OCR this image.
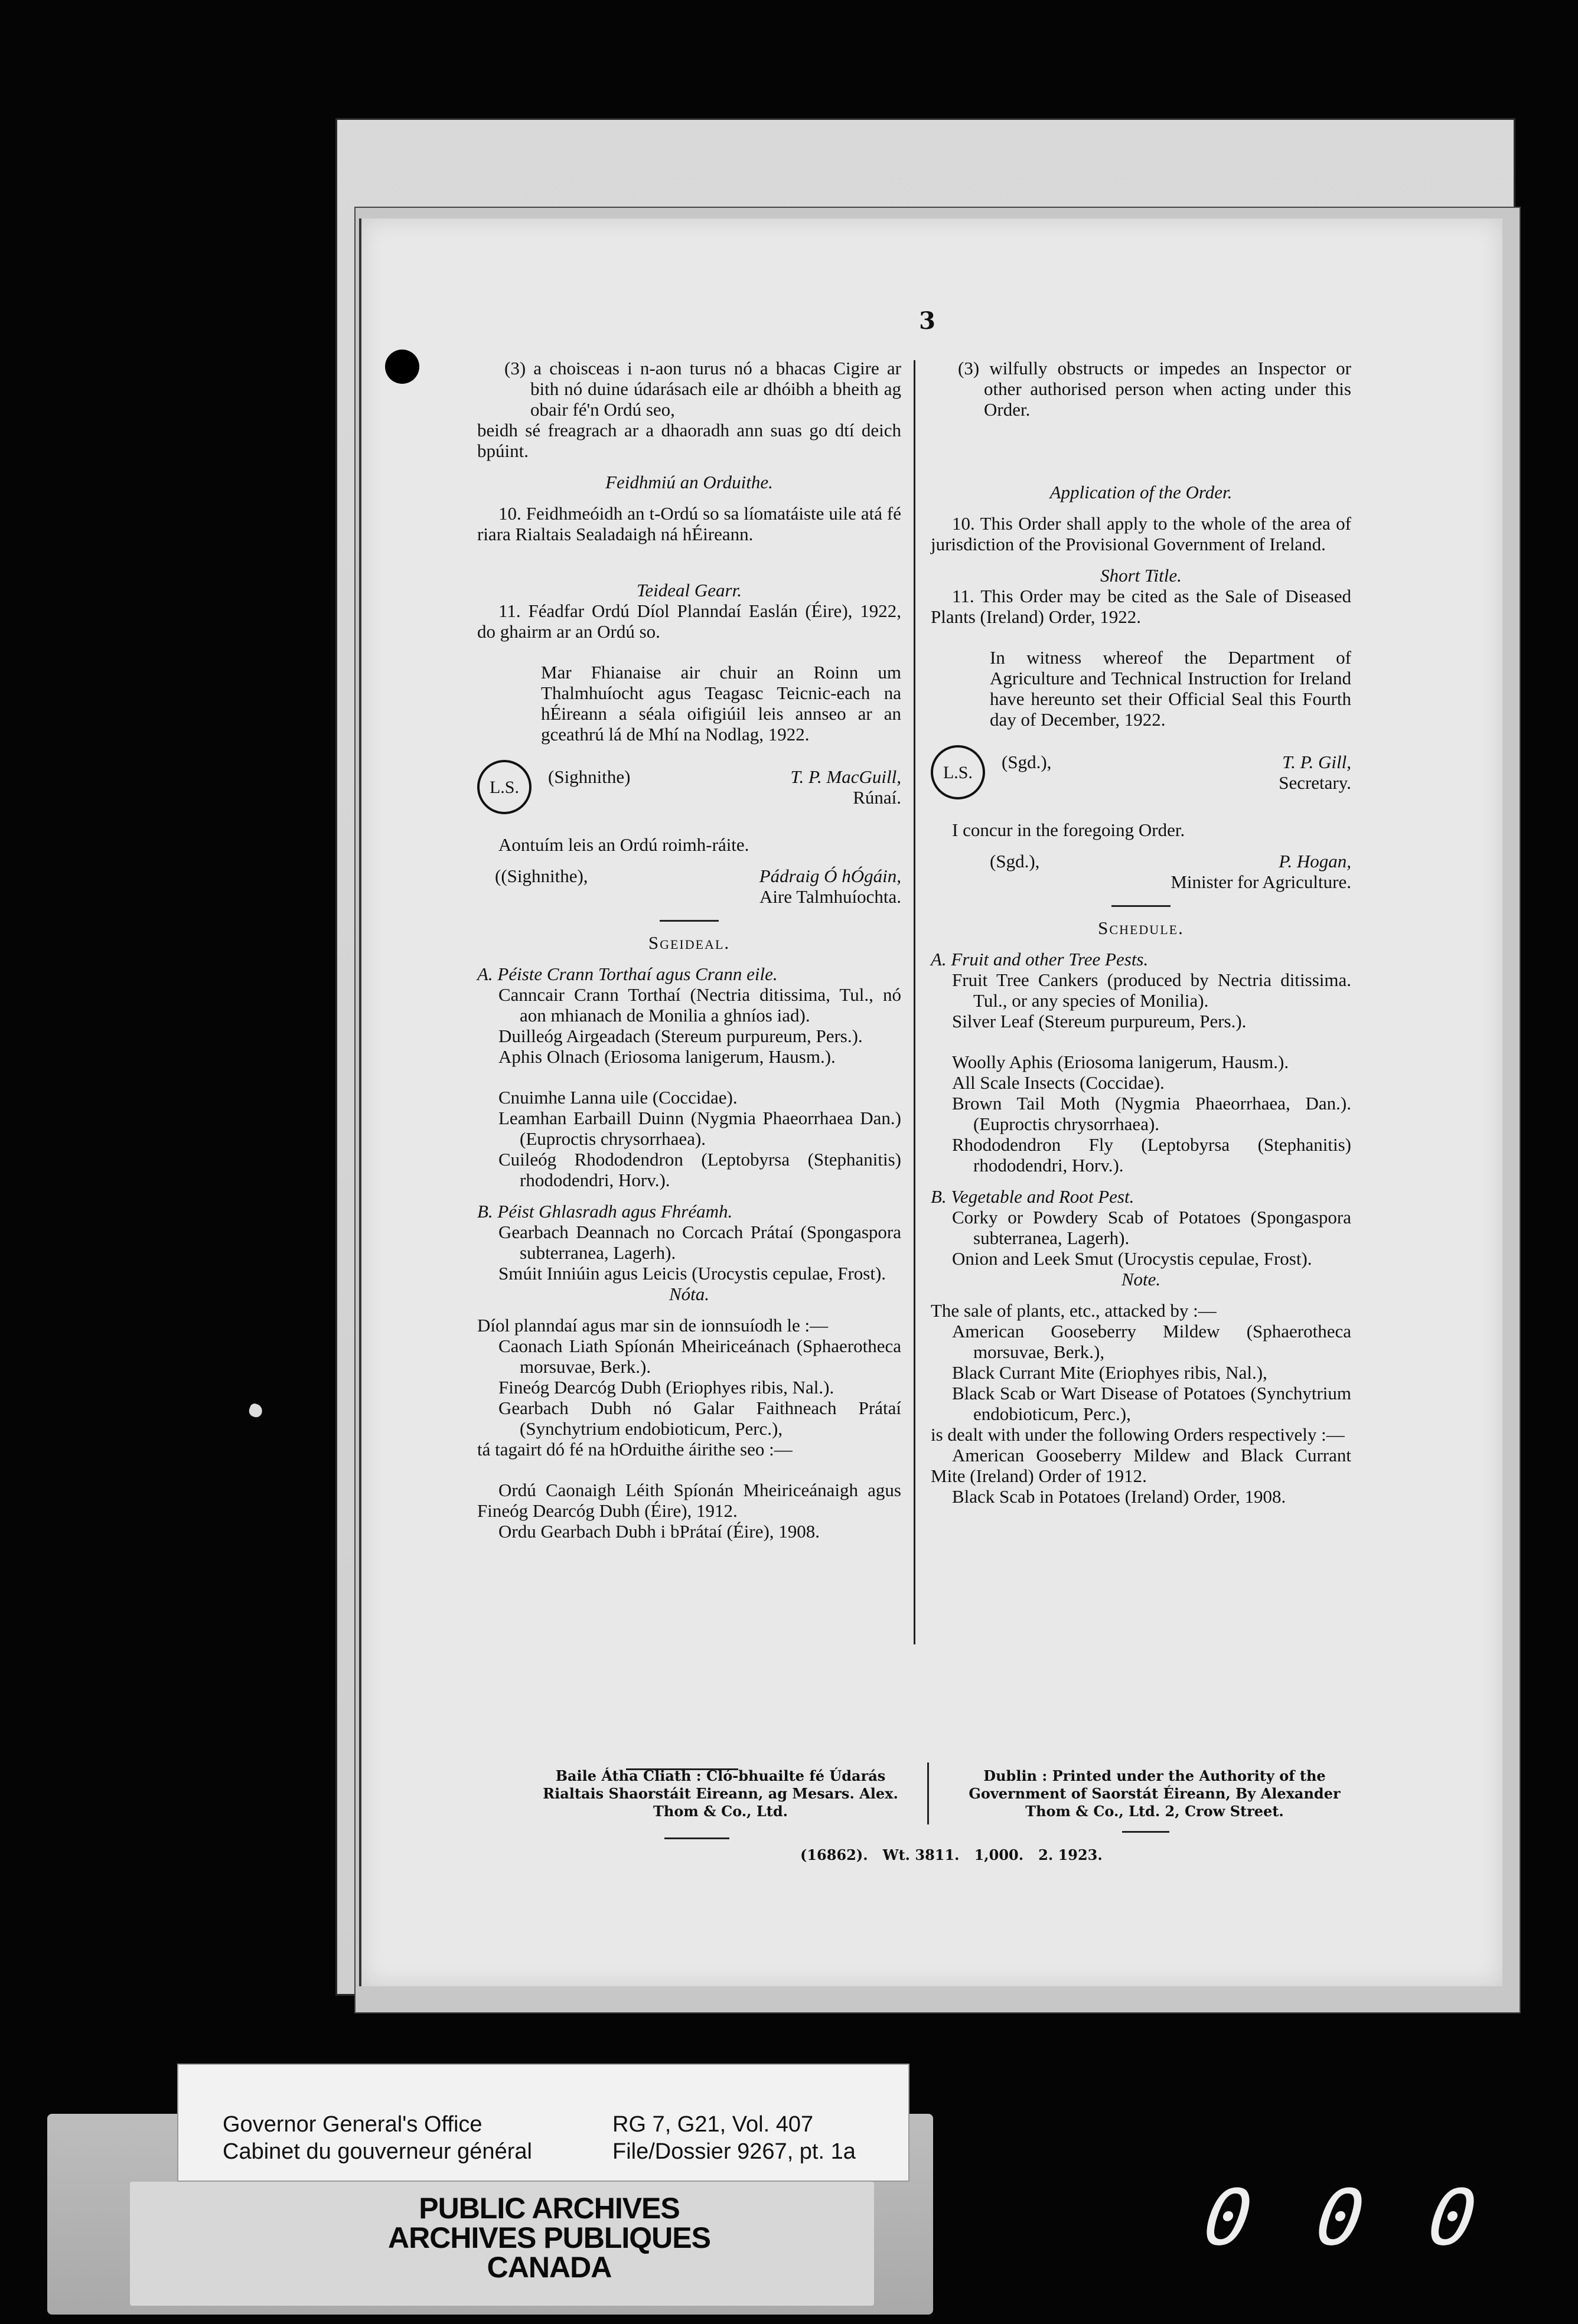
3

(3) a choisceas i n-aon turus nó a bhacas Cigire ar bith nó duine údarásach eile ar dhóibh a bheith ag obair fé'n Ordú seo,

beidh sé freagrach ar a dhaoradh ann suas go dtí deich bpúint.

Feidhmiú an Orduithe.

10. Feidhmeóidh an t-Ordú so sa líomatáiste uile atá fé riara Rialtais Sealadaigh ná hÉireann.

Teideal Gearr.

11. Féadfar Ordú Díol Planndaí Easlán (Éire), 1922, do ghairm ar an Ordú so.

Mar Fhianaise air chuir an Roinn um Thalmhuíocht agus Teagasc Teicnic-each na hÉireann a séala oifigiúil leis annseo ar an gceathrú lá de Mhí na Nodlag, 1922.

L.S.	(Sighnithe)	T. P. MacGuill,
Rúnaí.

Aontuím leis an Ordú roimh-ráite.

((Sighnithe),	Pádraig Ó hÓgáin,
Aire Talmhuíochta.

Sgeideal.

A. Péiste Crann Torthaí agus Crann eile.

Canncair Crann Torthaí (Nectria ditissima, Tul., nó aon mhianach de Monilia a ghníos iad).

Duilleóg Airgeadach (Stereum purpureum, Pers.).

Aphis Olnach (Eriosoma lanigerum, Hausm.).

Cnuimhe Lanna uile (Coccidae).

Leamhan Earbaill Duinn (Nygmia Phaeorrhaea Dan.) (Euproctis chrysorrhaea).

Cuileóg Rhododendron (Leptobyrsa (Stephanitis) rhododendri, Horv.).

B. Péist Ghlasradh agus Fhréamh.

Gearbach Deannach no Corcach Prátaí (Spongaspora subterranea, Lagerh).

Smúit Inniúin agus Leicis (Urocystis cepulae, Frost).

Nóta.

Díol planndaí agus mar sin de ionnsuíodh le :—

Caonach Liath Spíonán Mheiriceánach (Sphaerotheca morsuvae, Berk.).

Fineóg Dearcóg Dubh (Eriophyes ribis, Nal.).

Gearbach Dubh nó Galar Faithneach Prátaí (Synchytrium endobioticum, Perc.),

tá tagairt dó fé na hOrduithe áirithe seo :—

Ordú Caonaigh Léith Spíonán Mheiriceánaigh agus Fineóg Dearcóg Dubh (Éire), 1912.

Ordu Gearbach Dubh i bPrátaí (Éire), 1908.

(3) wilfully obstructs or impedes an Inspector or other authorised person when acting under this Order.

Application of the Order.

10. This Order shall apply to the whole of the area of jurisdiction of the Provisional Government of Ireland.

Short Title.

11. This Order may be cited as the Sale of Diseased Plants (Ireland) Order, 1922.

In witness whereof the Department of Agriculture and Technical Instruction for Ireland have hereunto set their Official Seal this Fourth day of December, 1922.

L.S.	(Sgd.),	T. P. Gill,
Secretary.

I concur in the foregoing Order.

(Sgd.),	P. Hogan,
Minister for Agriculture.

Schedule.

A. Fruit and other Tree Pests.

Fruit Tree Cankers (produced by Nectria ditissima. Tul., or any species of Monilia).

Silver Leaf (Stereum purpureum, Pers.).

Woolly Aphis (Eriosoma lanigerum, Hausm.).

All Scale Insects (Coccidae).

Brown Tail Moth (Nygmia Phaeorrhaea, Dan.). (Euproctis chrysorrhaea).

Rhododendron Fly (Leptobyrsa (Stephanitis) rhododendri, Horv.).

B. Vegetable and Root Pest.

Corky or Powdery Scab of Potatoes (Spongaspora subterranea, Lagerh).

Onion and Leek Smut (Urocystis cepulae, Frost).

Note.

The sale of plants, etc., attacked by :—

American Gooseberry Mildew (Sphaerotheca morsuvae, Berk.),

Black Currant Mite (Eriophyes ribis, Nal.),

Black Scab or Wart Disease of Potatoes (Synchytrium endobioticum, Perc.),

is dealt with under the following Orders respectively :—

American Gooseberry Mildew and Black Currant Mite (Ireland) Order of 1912.

Black Scab in Potatoes (Ireland) Order, 1908.

Baile Átha Cliath : Cló-bhuailte fé Údarás Rialtais Shaorstáit Eireann, ag Mesars. Alex. Thom & Co., Ltd.
Dublin : Printed under the Authority of the Government of Saorstát Éireann, By Alexander Thom & Co., Ltd. 2, Crow Street.
(16862).   Wt. 3811.   1,000.   2. 1923.
Governor General's Office
Cabinet du gouverneur général
RG 7, G21, Vol. 407
File/Dossier 9267, pt. 1a
PUBLIC ARCHIVES
ARCHIVES PUBLIQUES
CANADA
0 0 0
